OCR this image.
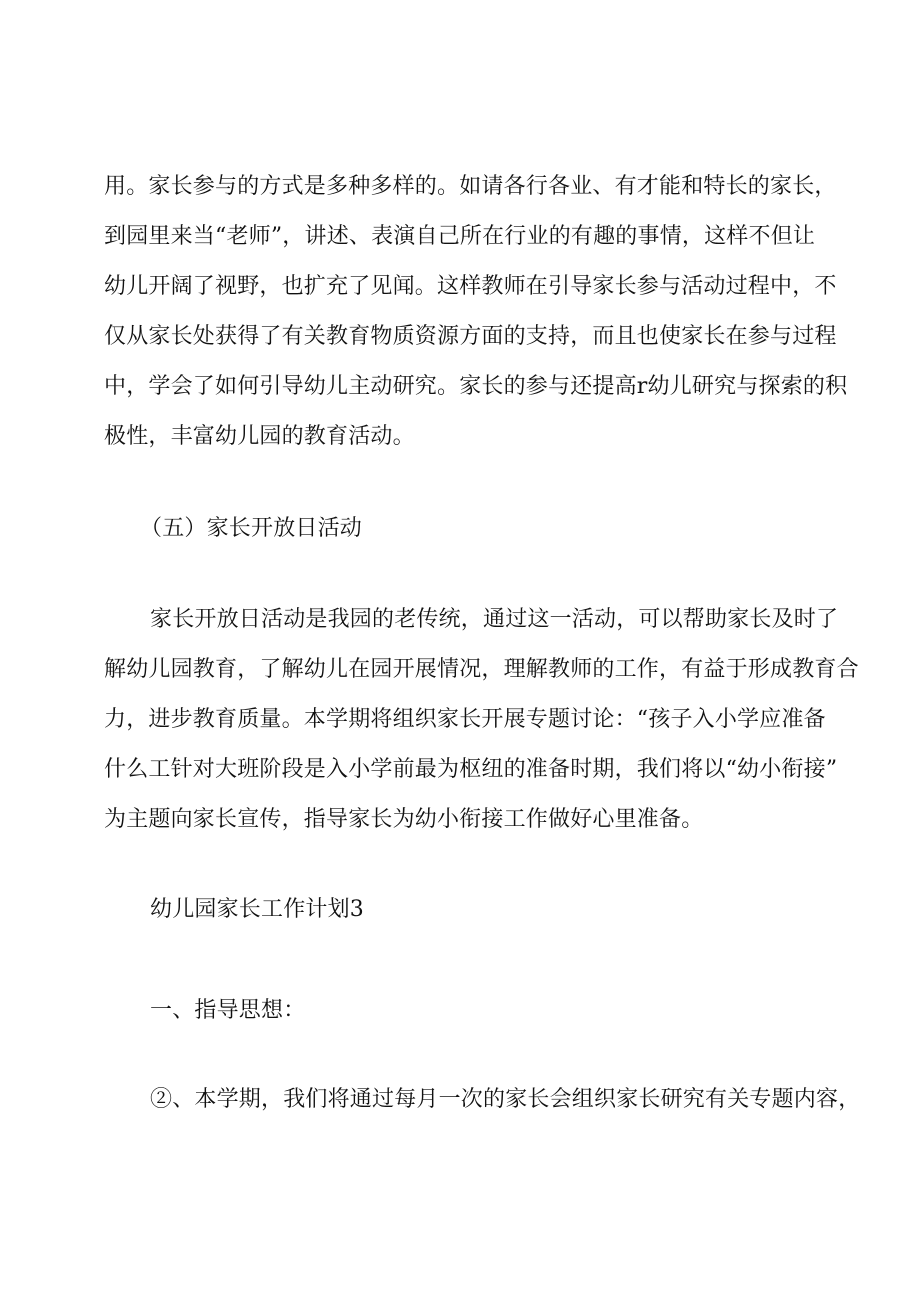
用。家长参与的方式是多种多样的。如请各行各业、有才能和特长的家长，
到园里来当“老师”，讲述、表演自己所在行业的有趣的事情，这样不但让
幼儿开阔了视野，也扩充了见闻。这样教师在引导家长参与活动过程中，不
仅从家长处获得了有关教育物质资源方面的支持，而且也使家长在参与过程
中，学会了如何引导幼儿主动研究。家长的参与还提高r幼儿研究与探索的积
极性，丰富幼儿园的教育活动。
（五）家长开放日活动
家长开放日活动是我园的老传统，通过这一活动，可以帮助家长及时了
解幼儿园教育，了解幼儿在园开展情况，理解教师的工作，有益于形成教育合
力，进步教育质量。本学期将组织家长开展专题讨论：“孩子入小学应准备
什么工针对大班阶段是入小学前最为枢纽的准备时期，我们将以“幼小衔接”
为主题向家长宣传，指导家长为幼小衔接工作做好心里准备。
幼儿园家长工作计划3
一、指导思想：
②、本学期，我们将通过每月一次的家长会组织家长研究有关专题内容，
